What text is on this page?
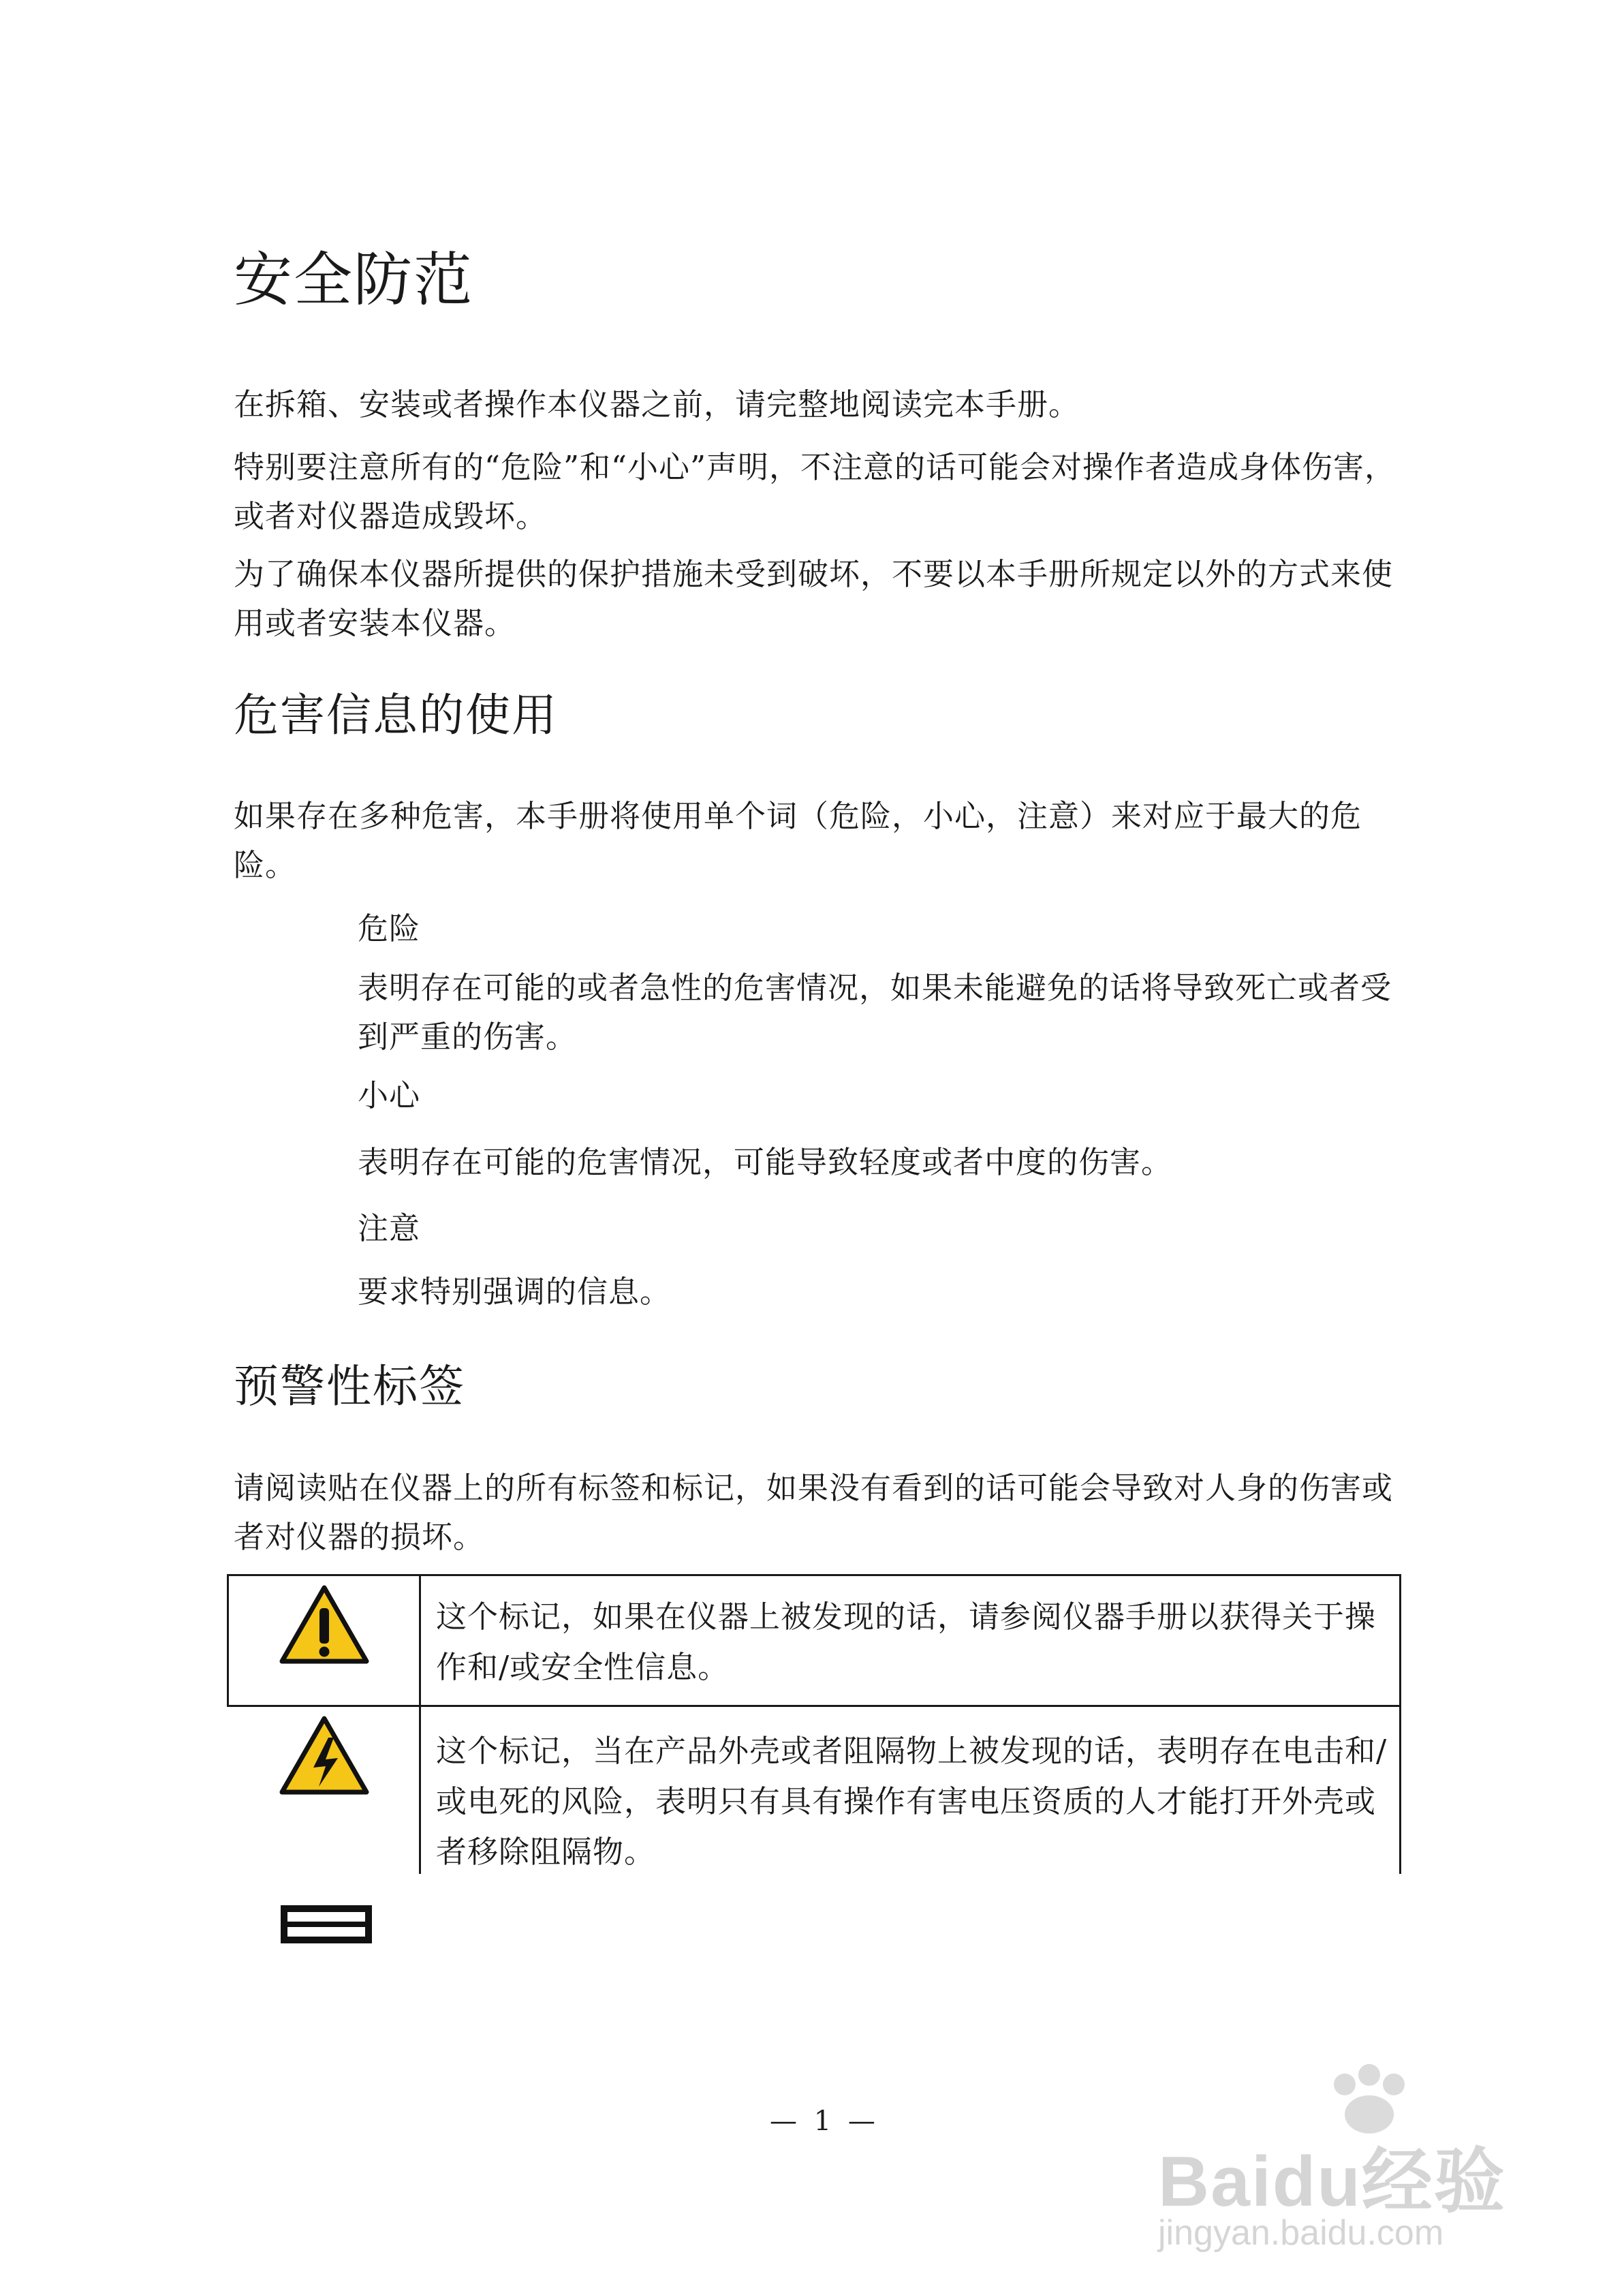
安全防范

在拆箱、安装或者操作本仪器之前，请完整地阅读完本手册。

特别要注意所有的“危险”和“小心”声明，不注意的话可能会对操作者造成身体伤害，或者对仪器造成毁坏。

为了确保本仪器所提供的保护措施未受到破坏，不要以本手册所规定以外的方式来使用或者安装本仪器。

危害信息的使用

如果存在多种危害，本手册将使用单个词（危险，小心，注意）来对应于最大的危险。

危险

表明存在可能的或者急性的危害情况，如果未能避免的话将导致死亡或者受到严重的伤害。

小心

表明存在可能的危害情况，可能导致轻度或者中度的伤害。

注意

要求特别强调的信息。

预警性标签

请阅读贴在仪器上的所有标签和标记，如果没有看到的话可能会导致对人身的伤害或者对仪器的损坏。

这个标记，如果在仪器上被发现的话，请参阅仪器手册以获得关于操作和/或安全性信息。

这个标记，当在产品外壳或者阻隔物上被发现的话，表明存在电击和/或电死的风险，表明只有具有操作有害电压资质的人才能打开外壳或者移除阻隔物。

— 1 —
Baidu经验
jingyan.baidu.com
